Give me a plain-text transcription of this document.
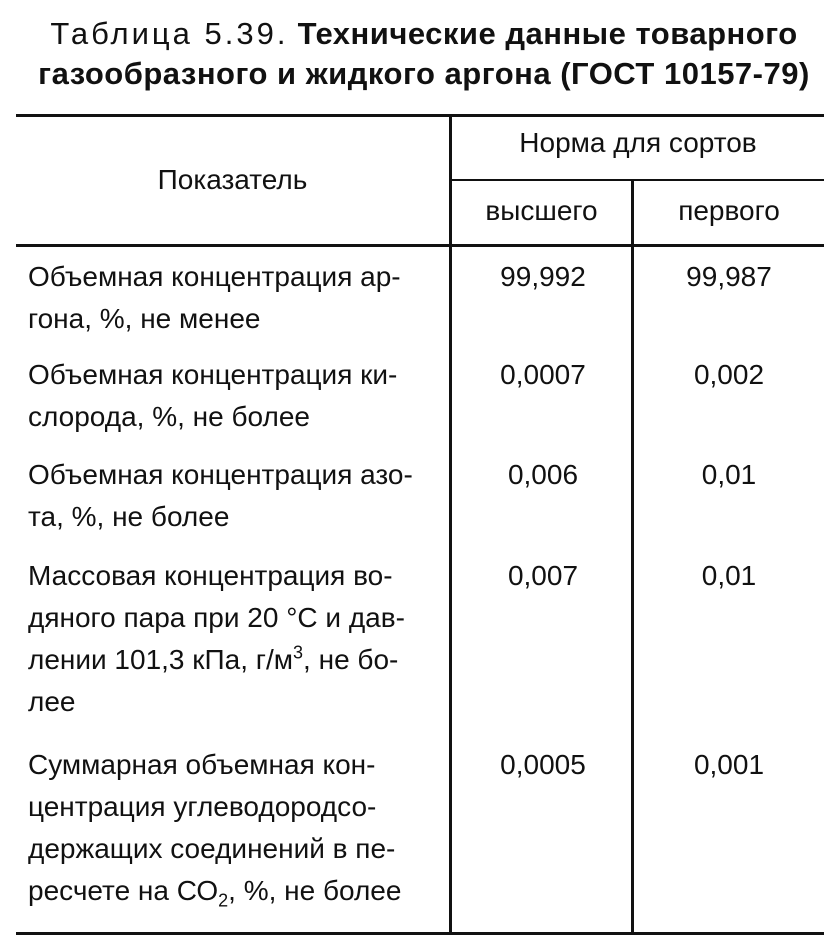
Таблица 5.39. Технические данные товарного
газообразного и жидкого аргона (ГОСТ 10157-79)
Показатель
Норма для сортов
высшего	первого
Объемная концентрация ар-
гона, %, не менее
99,992	99,987
Объемная концентрация ки-
слорода, %, не более
0,0007	0,002
Объемная концентрация азо-
та, %, не более
0,006	0,01
Массовая концентрация во-
дяного пара при 20 °С и дав-
лении 101,3 кПа, $г/м^3$, не бо-
лее
0,007	0,01
Суммарная объемная кон-
центрация углеводородсо-
держащих соединений в пе-
ресчете на $СО_2$, %, не более
0,0005	0,001
